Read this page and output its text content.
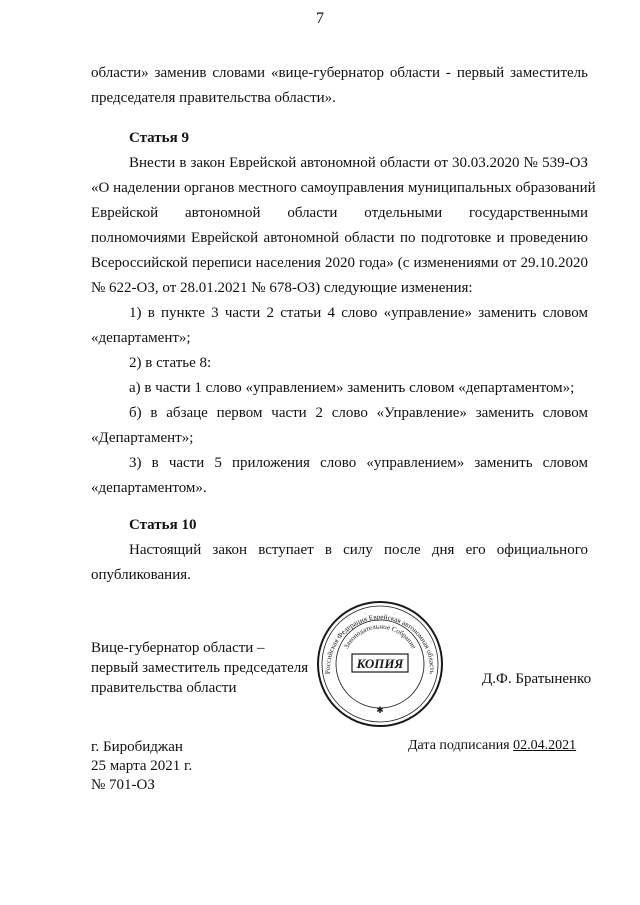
7
области» заменив словами «вице-губернатор области - первый заместитель
председателя правительства области».
Статья 9
Внести в закон Еврейской автономной области от 30.03.2020 № 539-ОЗ
«О наделении органов местного самоуправления муниципальных образований
Еврейской автономной области отдельными государственными
полномочиями Еврейской автономной области по подготовке и проведению
Всероссийской переписи населения 2020 года» (с изменениями от 29.10.2020
№ 622-ОЗ, от 28.01.2021 № 678-ОЗ) следующие изменения:
1) в пункте 3 части 2 статьи 4 слово «управление» заменить словом
«департамент»;
2) в статье 8:
а) в части 1 слово «управлением» заменить словом «департаментом»;
б) в абзаце первом части 2 слово «Управление» заменить словом
«Департамент»;
3) в части 5 приложения слово «управлением» заменить словом
«департаментом».
Статья 10
Настоящий закон вступает в силу после дня его официального
опубликования.
Вице-губернатор области –
первый заместитель председателя
правительства области
Российская Федерация Еврейская автономная область
Законодательное Собрание
КОПИЯ
✱
Д.Ф. Братыненко
г. Биробиджан
25 марта 2021 г.
№ 701-ОЗ
Дата подписания 02.04.2021
